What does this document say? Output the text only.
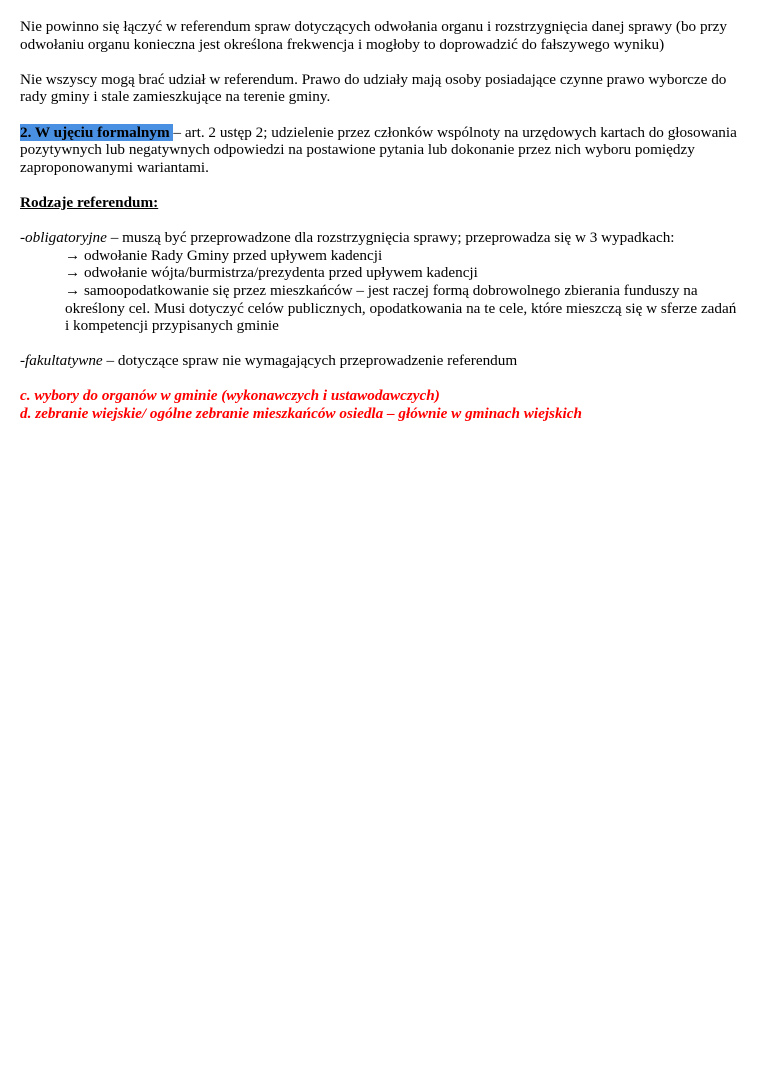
Nie powinno się łączyć w referendum spraw dotyczących odwołania organu i rozstrzygnięcia danej sprawy (bo przy odwołaniu organu konieczna jest określona frekwencja i mogłoby to doprowadzić do fałszywego wyniku)

Nie wszyscy mogą brać udział w referendum. Prawo do udziały mają osoby posiadające czynne prawo wyborcze do rady gminy i stale zamieszkujące na terenie gminy.

2. W ujęciu formalnym – art. 2 ustęp 2; udzielenie przez członków wspólnoty na urzędowych kartach do głosowania pozytywnych lub negatywnych odpowiedzi na postawione pytania lub dokonanie przez nich wyboru pomiędzy zaproponowanymi wariantami.

Rodzaje referendum:

-obligatoryjne – muszą być przeprowadzone dla rozstrzygnięcia sprawy; przeprowadza się w 3 wypadkach:
→ odwołanie Rady Gminy przed upływem kadencji
→ odwołanie wójta/burmistrza/prezydenta przed upływem kadencji
→ samoopodatkowanie się przez mieszkańców – jest raczej formą dobrowolnego zbierania funduszy na określony cel. Musi dotyczyć celów publicznych, opodatkowania na te cele, które mieszczą się w sferze zadań i kompetencji przypisanych gminie

-fakultatywne – dotyczące spraw nie wymagających przeprowadzenie referendum

c. wybory do organów w gminie (wykonawczych i ustawodawczych)

d. zebranie wiejskie/ ogólne zebranie mieszkańców osiedla – głównie w gminach wiejskich
